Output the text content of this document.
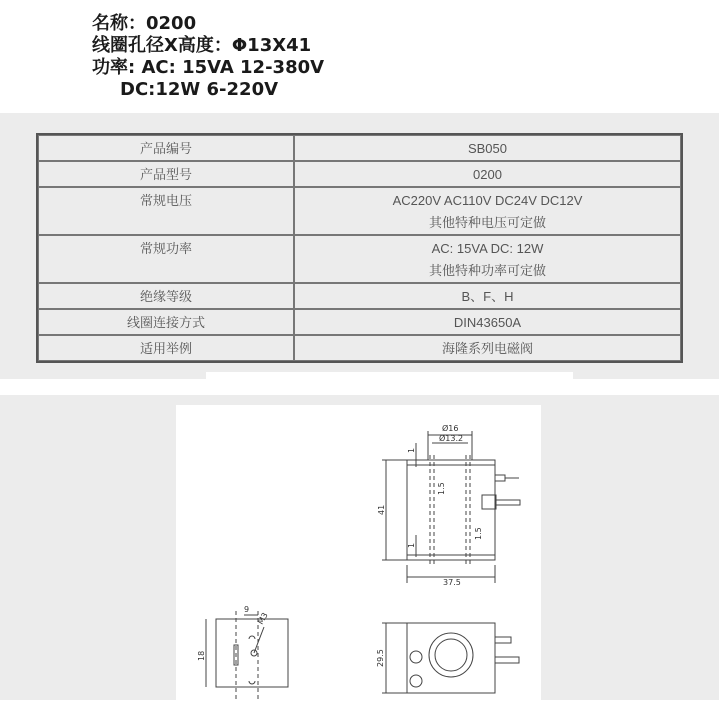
名称：0200
线圈孔径X高度：Φ13X41
功率: AC: 15VA 12-380V
DC:12W 6-220V
产品编号	SB050
产品型号	0200
常规电压	AC220V AC110V DC24V DC12V
其他特种电压可定做

常规功率	AC: 15VA DC: 12W
其他特种功率可定做

绝缘等级	B、F、H
线圈连接方式	DIN43650A
适用举例	海隆系列电磁阀
Ø16
Ø13.2
41
37.5
1
1.5
1
1.5
18
9
M3
29.5
